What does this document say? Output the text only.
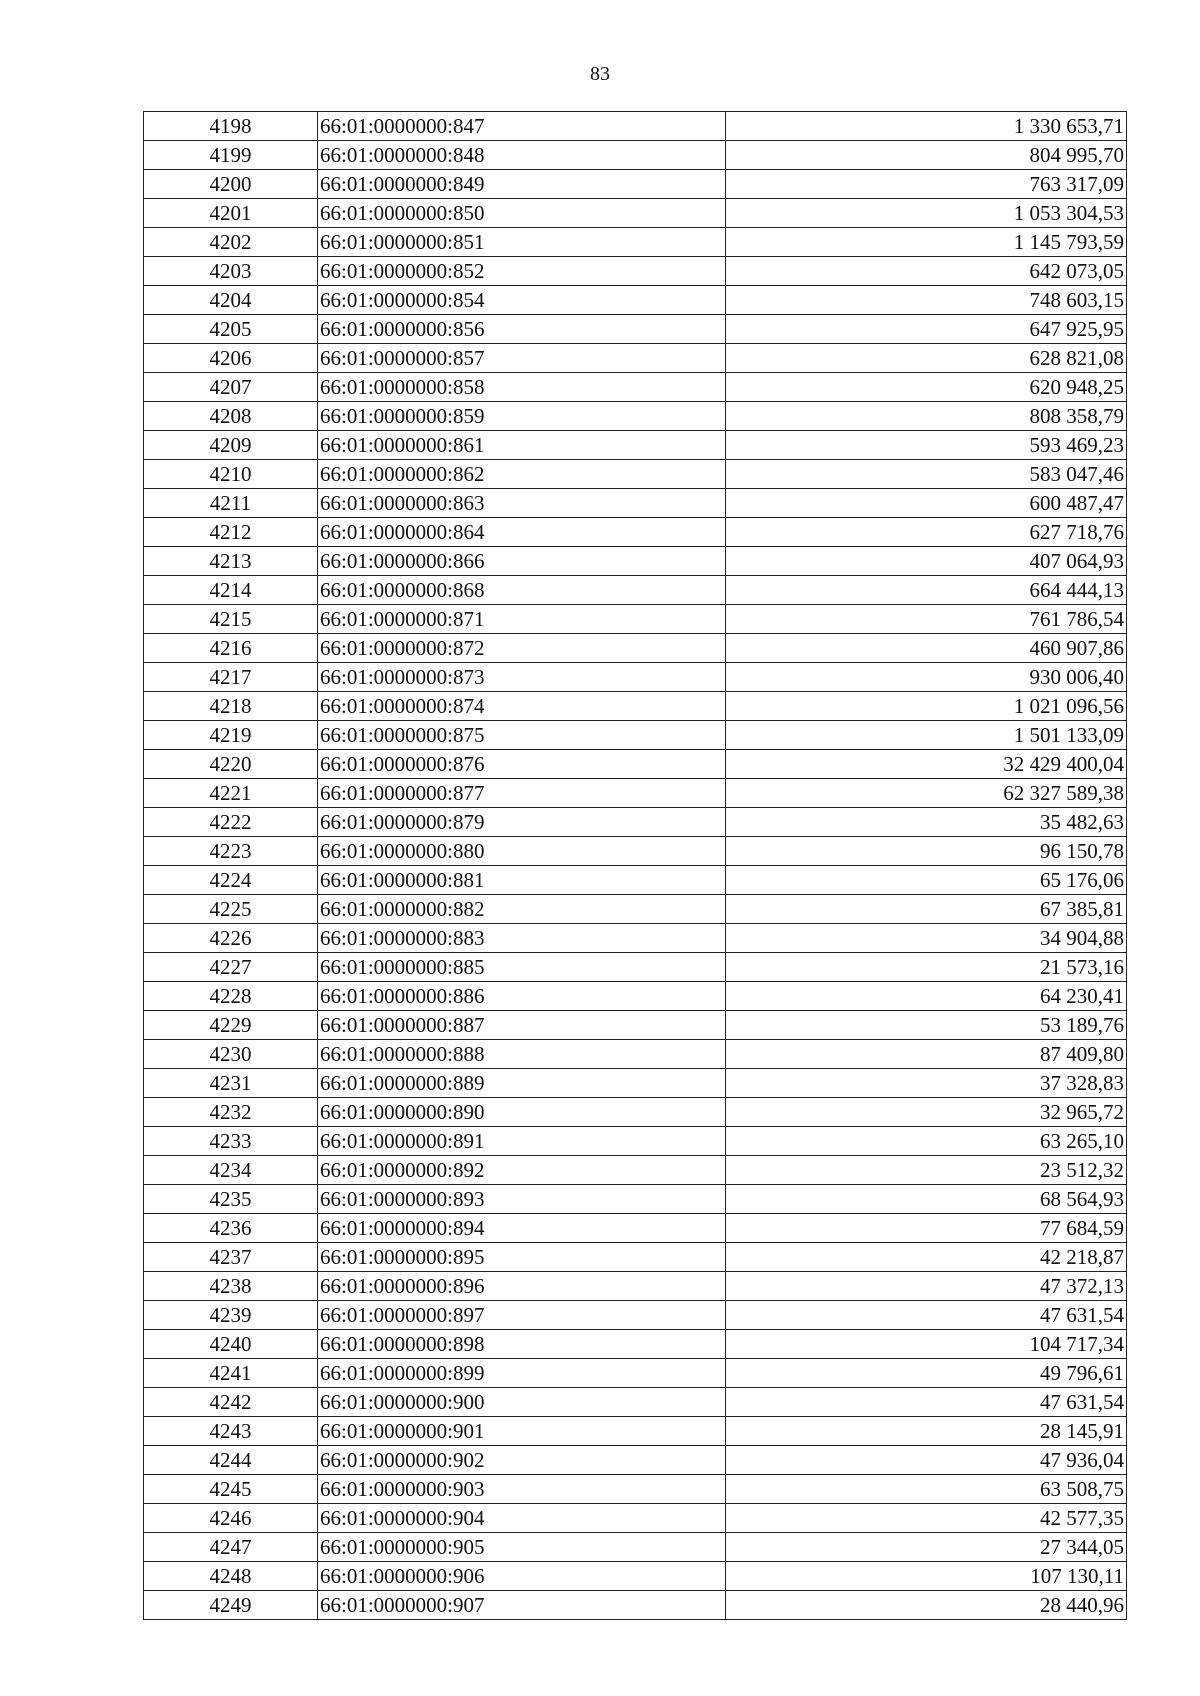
83
4198	66:01:0000000:847	1 330 653,71
4199	66:01:0000000:848	804 995,70
4200	66:01:0000000:849	763 317,09
4201	66:01:0000000:850	1 053 304,53
4202	66:01:0000000:851	1 145 793,59
4203	66:01:0000000:852	642 073,05
4204	66:01:0000000:854	748 603,15
4205	66:01:0000000:856	647 925,95
4206	66:01:0000000:857	628 821,08
4207	66:01:0000000:858	620 948,25
4208	66:01:0000000:859	808 358,79
4209	66:01:0000000:861	593 469,23
4210	66:01:0000000:862	583 047,46
4211	66:01:0000000:863	600 487,47
4212	66:01:0000000:864	627 718,76
4213	66:01:0000000:866	407 064,93
4214	66:01:0000000:868	664 444,13
4215	66:01:0000000:871	761 786,54
4216	66:01:0000000:872	460 907,86
4217	66:01:0000000:873	930 006,40
4218	66:01:0000000:874	1 021 096,56
4219	66:01:0000000:875	1 501 133,09
4220	66:01:0000000:876	32 429 400,04
4221	66:01:0000000:877	62 327 589,38
4222	66:01:0000000:879	35 482,63
4223	66:01:0000000:880	96 150,78
4224	66:01:0000000:881	65 176,06
4225	66:01:0000000:882	67 385,81
4226	66:01:0000000:883	34 904,88
4227	66:01:0000000:885	21 573,16
4228	66:01:0000000:886	64 230,41
4229	66:01:0000000:887	53 189,76
4230	66:01:0000000:888	87 409,80
4231	66:01:0000000:889	37 328,83
4232	66:01:0000000:890	32 965,72
4233	66:01:0000000:891	63 265,10
4234	66:01:0000000:892	23 512,32
4235	66:01:0000000:893	68 564,93
4236	66:01:0000000:894	77 684,59
4237	66:01:0000000:895	42 218,87
4238	66:01:0000000:896	47 372,13
4239	66:01:0000000:897	47 631,54
4240	66:01:0000000:898	104 717,34
4241	66:01:0000000:899	49 796,61
4242	66:01:0000000:900	47 631,54
4243	66:01:0000000:901	28 145,91
4244	66:01:0000000:902	47 936,04
4245	66:01:0000000:903	63 508,75
4246	66:01:0000000:904	42 577,35
4247	66:01:0000000:905	27 344,05
4248	66:01:0000000:906	107 130,11
4249	66:01:0000000:907	28 440,96
